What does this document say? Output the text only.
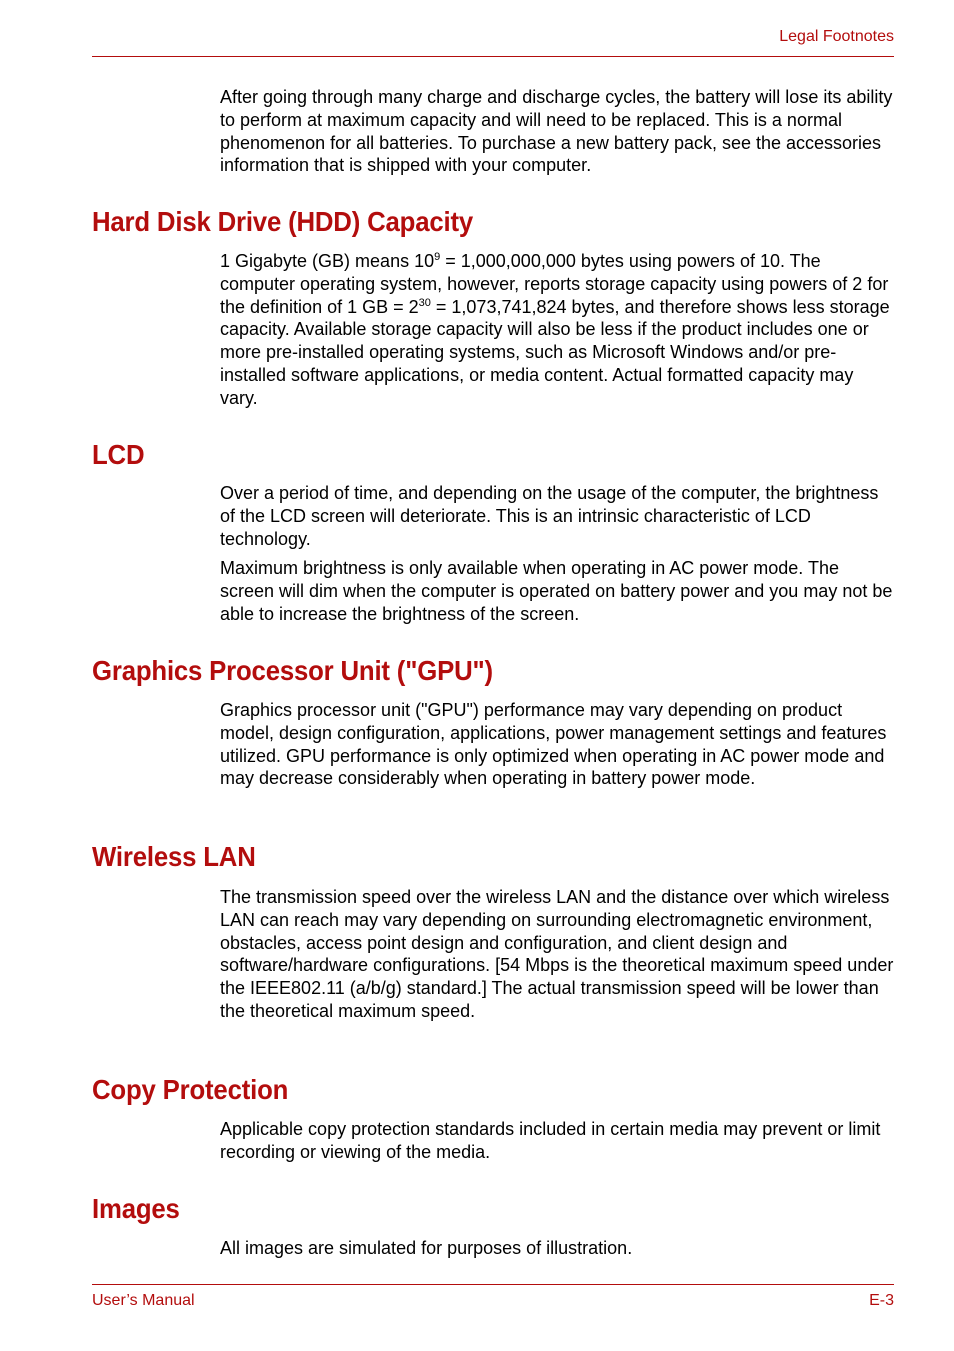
Legal Footnotes

After going through many charge and discharge cycles, the battery will lose its ability to perform at maximum capacity and will need to be replaced. This is a normal phenomenon for all batteries. To purchase a new battery pack, see the accessories information that is shipped with your computer.

Hard Disk Drive (HDD) Capacity

1 Gigabyte (GB) means $10^9 = 1,000,000,000$ bytes using powers of 10. The computer operating system, however, reports storage capacity using powers of 2 for the definition of 1 GB = $2^{30} = 1,073,741,824$ bytes, and therefore shows less storage capacity. Available storage capacity will also be less if the product includes one or more pre-installed operating systems, such as Microsoft Windows and/or pre-installed software applications, or media content. Actual formatted capacity may vary.

LCD

Over a period of time, and depending on the usage of the computer, the brightness of the LCD screen will deteriorate. This is an intrinsic characteristic of LCD technology.

Maximum brightness is only available when operating in AC power mode. The screen will dim when the computer is operated on battery power and you may not be able to increase the brightness of the screen.

Graphics Processor Unit ("GPU")

Graphics processor unit ("GPU") performance may vary depending on product model, design configuration, applications, power management settings and features utilized. GPU performance is only optimized when operating in AC power mode and may decrease considerably when operating in battery power mode.

Wireless LAN

The transmission speed over the wireless LAN and the distance over which wireless LAN can reach may vary depending on surrounding electromagnetic environment, obstacles, access point design and configuration, and client design and software/hardware configurations. [54 Mbps is the theoretical maximum speed under the IEEE802.11 (a/b/g) standard.] The actual transmission speed will be lower than the theoretical maximum speed.

Copy Protection

Applicable copy protection standards included in certain media may prevent or limit recording or viewing of the media.

Images

All images are simulated for purposes of illustration.

User’s Manual	E-3
